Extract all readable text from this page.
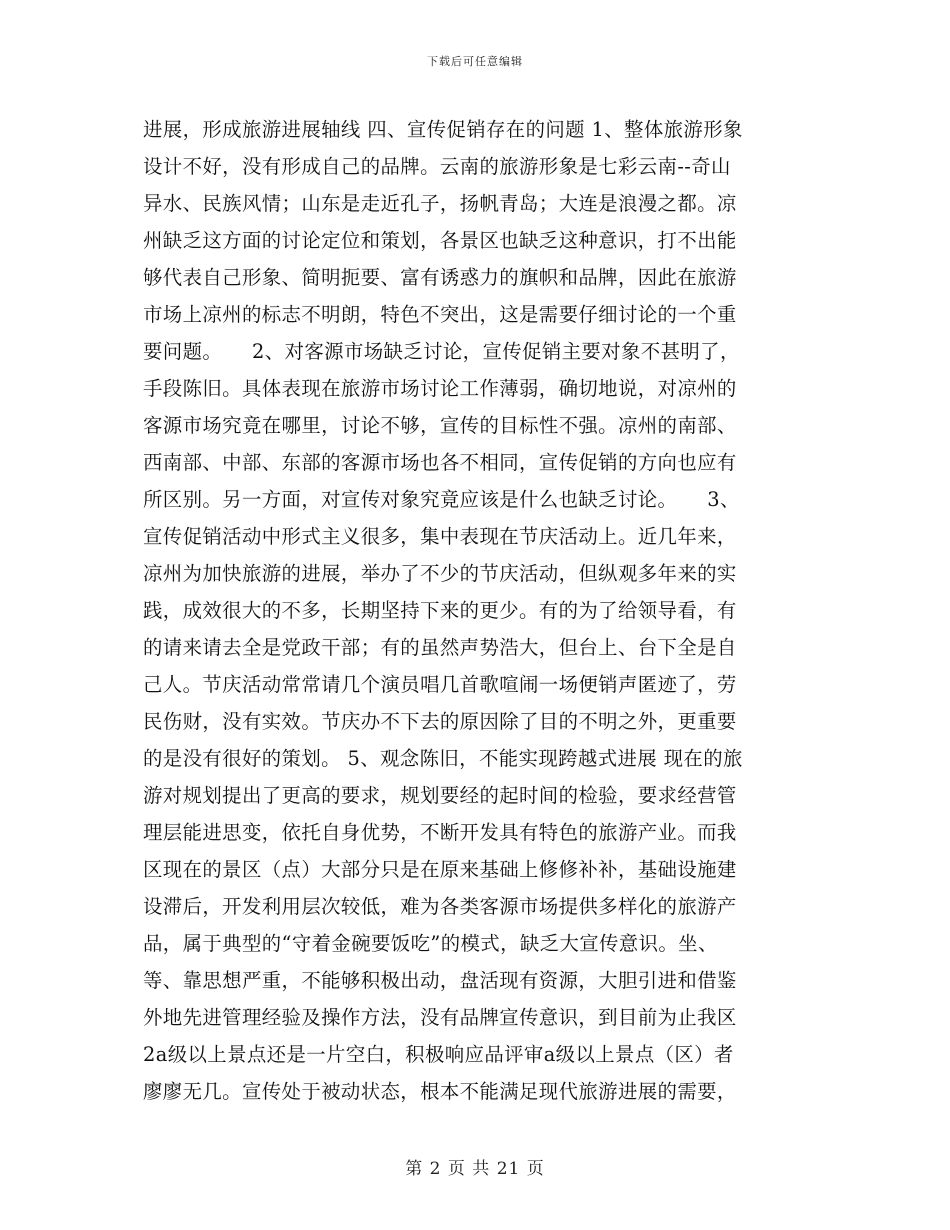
下载后可任意编辑
进展，形成旅游进展轴线 四、宣传促销存在的问题 1、整体旅游形象
设计不好，没有形成自己的品牌。云南的旅游形象是七彩云南--奇山
异水、民族风情；山东是走近孔子，扬帆青岛；大连是浪漫之都。凉
州缺乏这方面的讨论定位和策划，各景区也缺乏这种意识，打不出能
够代表自己形象、简明扼要、富有诱惑力的旗帜和品牌，因此在旅游
市场上凉州的标志不明朗，特色不突出，这是需要仔细讨论的一个重
要问题。　　2、对客源市场缺乏讨论，宣传促销主要对象不甚明了，
手段陈旧。具体表现在旅游市场讨论工作薄弱，确切地说，对凉州的
客源市场究竟在哪里，讨论不够，宣传的目标性不强。凉州的南部、
西南部、中部、东部的客源市场也各不相同，宣传促销的方向也应有
所区别。另一方面，对宣传对象究竟应该是什么也缺乏讨论。　　3、
宣传促销活动中形式主义很多，集中表现在节庆活动上。近几年来，
凉州为加快旅游的进展，举办了不少的节庆活动，但纵观多年来的实
践，成效很大的不多，长期坚持下来的更少。有的为了给领导看，有
的请来请去全是党政干部；有的虽然声势浩大，但台上、台下全是自
己人。节庆活动常常请几个演员唱几首歌喧闹一场便销声匿迹了，劳
民伤财，没有实效。节庆办不下去的原因除了目的不明之外，更重要
的是没有很好的策划。 5、观念陈旧，不能实现跨越式进展 现在的旅
游对规划提出了更高的要求，规划要经的起时间的检验，要求经营管
理层能进思变，依托自身优势，不断开发具有特色的旅游产业。而我
区现在的景区（点）大部分只是在原来基础上修修补补，基础设施建
设滞后，开发利用层次较低，难为各类客源市场提供多样化的旅游产
品，属于典型的“守着金碗要饭吃”的模式，缺乏大宣传意识。坐、
等、靠思想严重，不能够积极出动，盘活现有资源，大胆引进和借鉴
外地先进管理经验及操作方法，没有品牌宣传意识，到目前为止我区
2a级以上景点还是一片空白，积极响应品评审a级以上景点（区）者
廖廖无几。宣传处于被动状态，根本不能满足现代旅游进展的需要，
第 2 页 共 21 页
